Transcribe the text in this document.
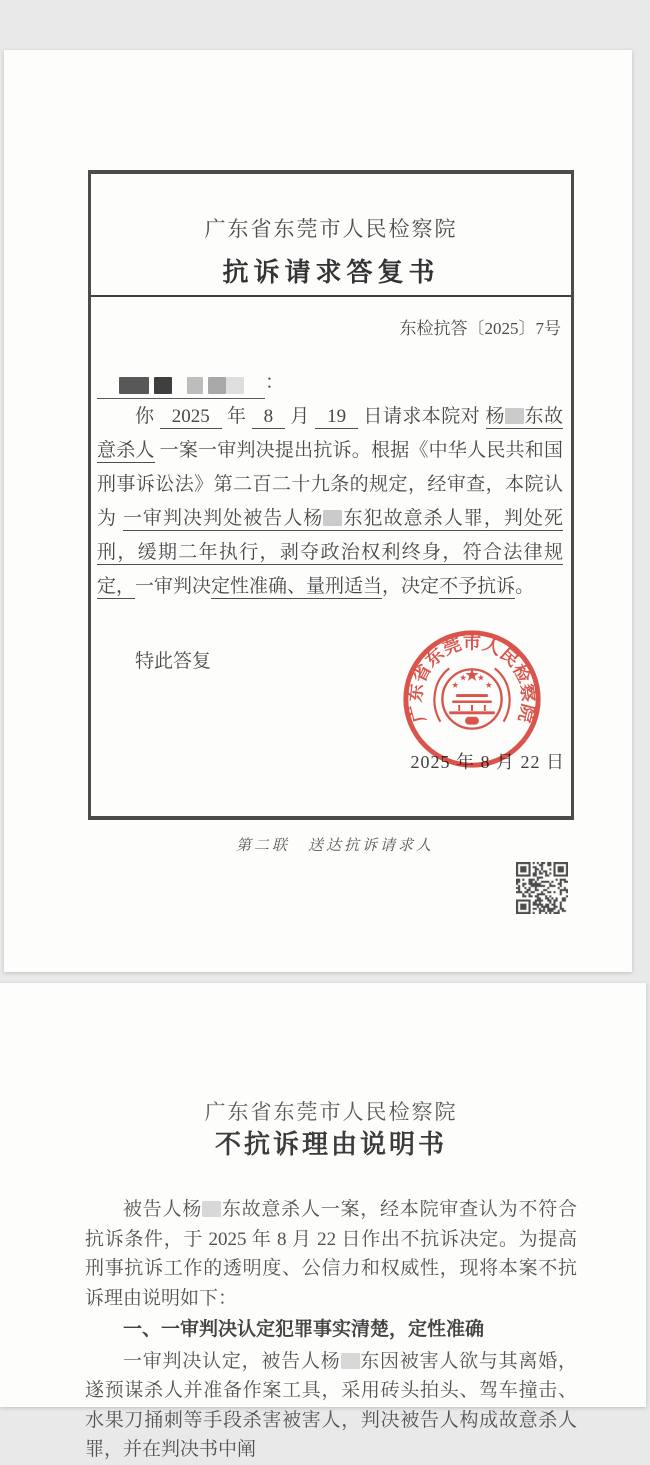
广东省东莞市人民检察院
抗诉请求答复书
东检抗答〔2025〕7号
：

你 2025 年 8 月 19 日请求本院对 杨 东故意杀人 一案一审判决提出抗诉。根据《中华人民共和国刑事诉讼法》第二百二十九条的规定，经审查，本院认为 一审判决判处被告人杨 东犯故意杀人罪，判处死刑，缓期二年执行，剥夺政治权利终身，符合法律规定，一审判决定性准确、量刑适当，决定不予抗诉。

特此答复
2025 年 8 月 22 日
广东省东莞市人民检察院
第二联　送达抗诉请求人
广东省东莞市人民检察院
不抗诉理由说明书

被告人杨 东故意杀人一案，经本院审查认为不符合抗诉条件，于 2025 年 8 月 22 日作出不抗诉决定。为提高刑事抗诉工作的透明度、公信力和权威性，现将本案不抗诉理由说明如下：

一、一审判决认定犯罪事实清楚，定性准确

一审判决认定，被告人杨 东因被害人欲与其离婚，遂预谋杀人并准备作案工具，采用砖头拍头、驾车撞击、水果刀捅刺等手段杀害被害人，判决被告人构成故意杀人罪，并在判决书中阐
